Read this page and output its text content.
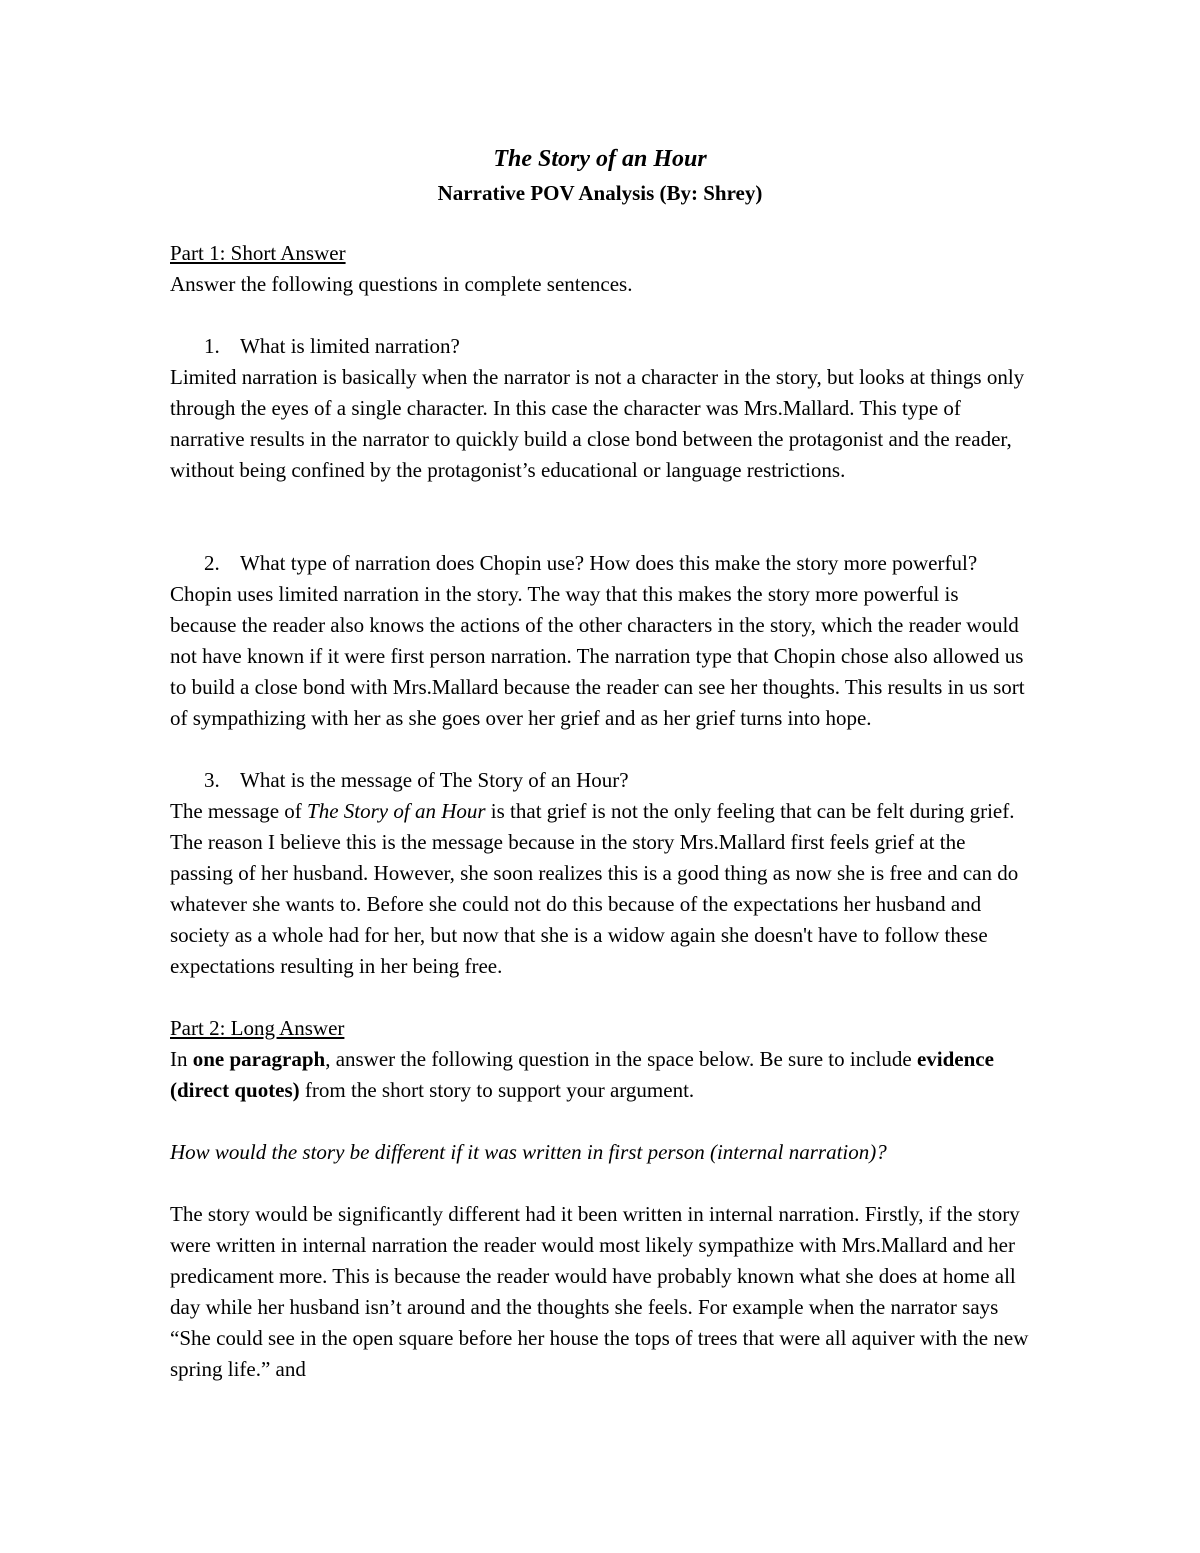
The Story of an Hour
Narrative POV Analysis (By: Shrey)

Part 1: Short Answer

Answer the following questions in complete sentences.

1. What is limited narration?

Limited narration is basically when the narrator is not a character in the story, but looks at things only through the eyes of a single character. In this case the character was Mrs.Mallard. This type of narrative results in the narrator to quickly build a close bond between the protagonist and the reader, without being confined by the protagonist’s educational or language restrictions.

2. What type of narration does Chopin use? How does this make the story more powerful?

Chopin uses limited narration in the story. The way that this makes the story more powerful is because the reader also knows the actions of the other characters in the story, which the reader would not have known if it were first person narration. The narration type that Chopin chose also allowed us to build a close bond with Mrs.Mallard because the reader can see her thoughts. This results in us sort of sympathizing with her as she goes over her grief and as her grief turns into hope.

3. What is the message of The Story of an Hour?

The message of The Story of an Hour is that grief is not the only feeling that can be felt during grief. The reason I believe this is the message because in the story Mrs.Mallard first feels grief at the passing of her husband. However, she soon realizes this is a good thing as now she is free and can do whatever she wants to. Before she could not do this because of the expectations her husband and society as a whole had for her, but now that she is a widow again she doesn't have to follow these expectations resulting in her being free.

Part 2: Long Answer

In one paragraph, answer the following question in the space below. Be sure to include evidence (direct quotes) from the short story to support your argument.

How would the story be different if it was written in first person (internal narration)?

The story would be significantly different had it been written in internal narration. Firstly, if the story were written in internal narration the reader would most likely sympathize with Mrs.Mallard and her predicament more. This is because the reader would have probably known what she does at home all day while her husband isn’t around and the thoughts she feels. For example when the narrator says “She could see in the open square before her house the tops of trees that were all aquiver with the new spring life.” and
